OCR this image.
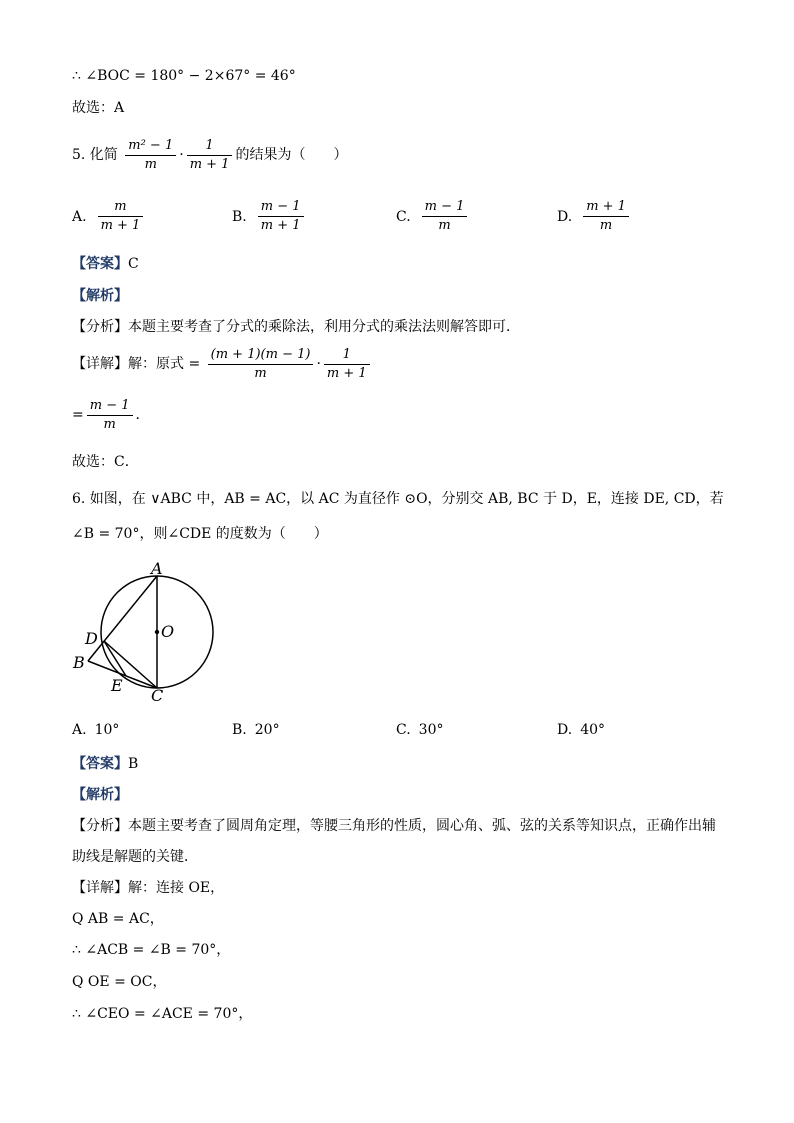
∴ ∠BOC = 180° − 2×67° = 46°
故选：A
5. 化简 $\frac{\text{m² − 1}}{m} \cdot \frac{1}{m + 1}$ 的结果为（　　）
A. $\frac{m}{m + 1}$	B. $\frac{m - 1}{m + 1}$	C. $\frac{m - 1}{m}$	D. $\frac{m + 1}{m}$
【答案】C
【解析】
【分析】本题主要考查了分式的乘除法，利用分式的乘法法则解答即可．
【详解】解：原式 = $\frac{(m + 1)(m - 1)}{m} \cdot \frac{1}{m + 1}$
= $\frac{m - 1}{m}$ ．
故选：C．
6. 如图，在 ∨ABC 中，AB = AC，以 AC 为直径作 ⊙O，分别交 AB, BC 于 D，E，连接 DE, CD，若
∠B = 70°，则∠CDE 的度数为（　　）
A
B
C
D
E
O
A. 10°	B. 20°	C. 30°	D. 40°
【答案】B
【解析】
【分析】本题主要考查了圆周角定理，等腰三角形的性质，圆心角、弧、弦的关系等知识点，正确作出辅
助线是解题的关键．
【详解】解：连接 OE，
Q AB = AC，
∴ ∠ACB = ∠B = 70°，
Q OE = OC，
∴ ∠CEO = ∠ACE = 70°，
